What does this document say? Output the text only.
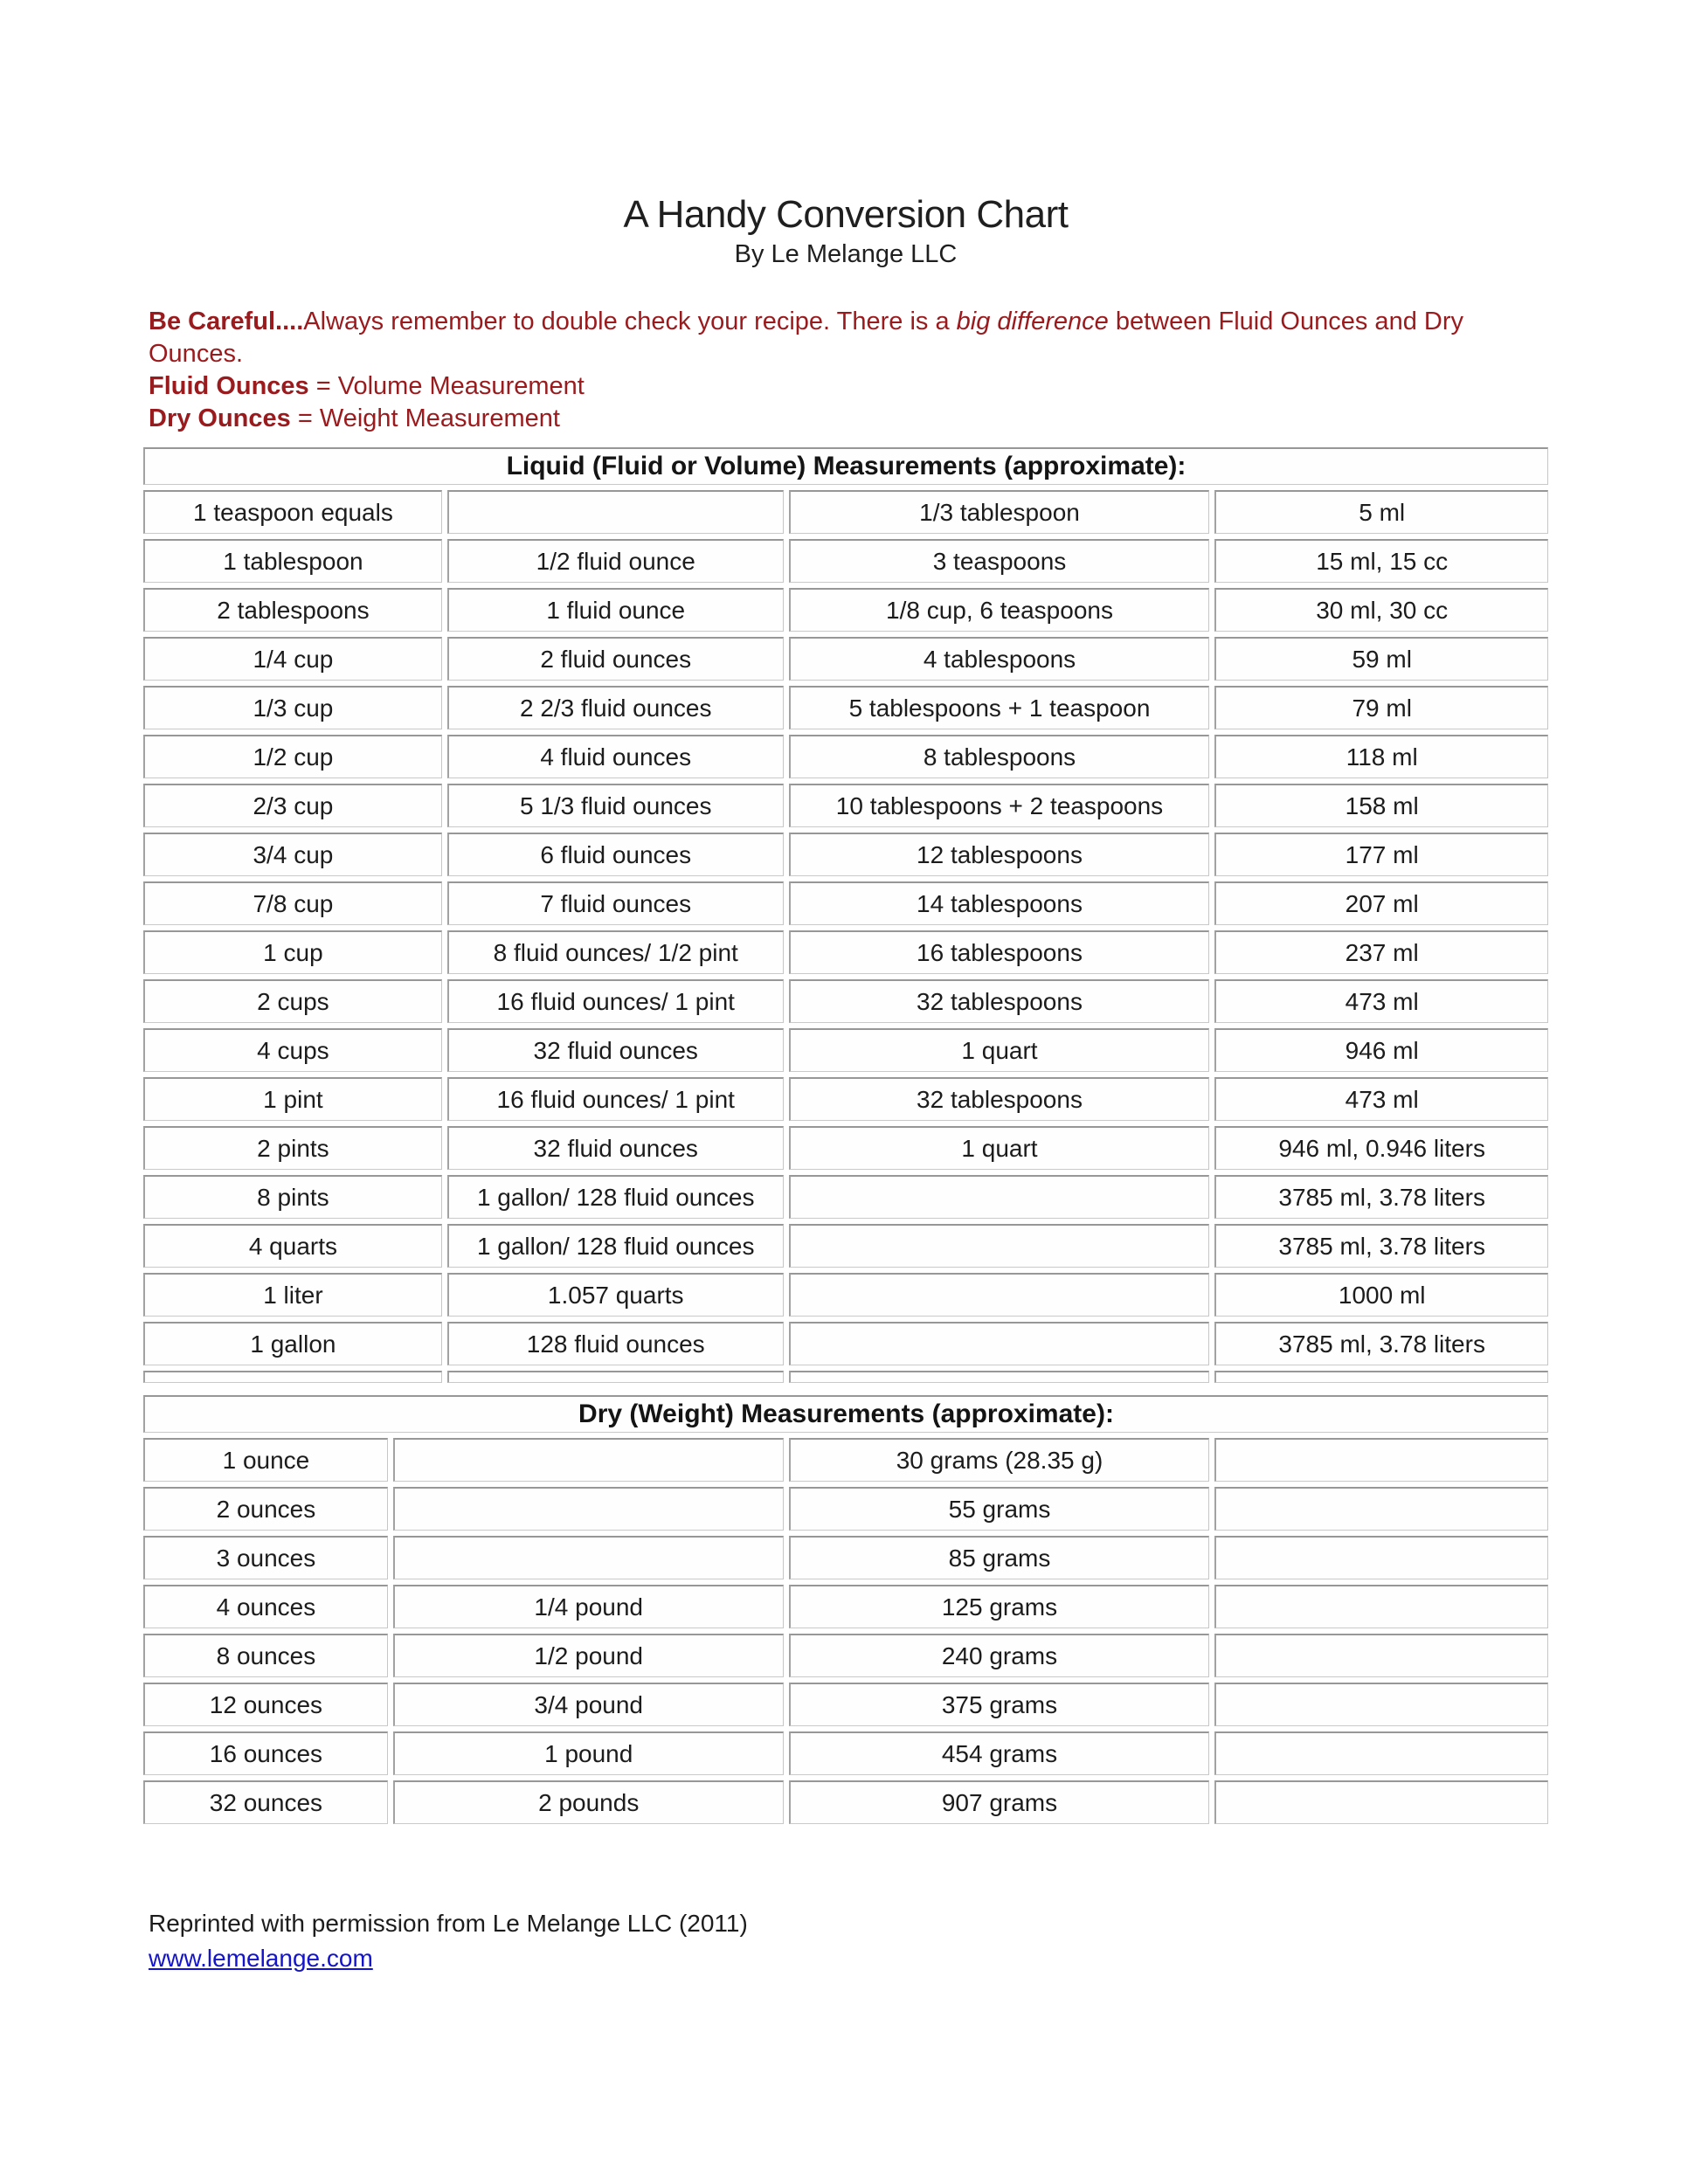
A Handy Conversion Chart
By Le Melange LLC

Be Careful....Always remember to double check your recipe. There is a big difference between Fluid Ounces and Dry Ounces.

Fluid Ounces = Volume Measurement

Dry Ounces = Weight Measurement

Liquid (Fluid or Volume) Measurements (approximate):			
1 teaspoon equals		1/3 tablespoon	5 ml
1 tablespoon	1/2 fluid ounce	3 teaspoons	15 ml, 15 cc
2 tablespoons	1 fluid ounce	1/8 cup, 6 teaspoons	30 ml, 30 cc
1/4 cup	2 fluid ounces	4 tablespoons	59 ml
1/3 cup	2 2/3 fluid ounces	5 tablespoons + 1 teaspoon	79 ml
1/2 cup	4 fluid ounces	8 tablespoons	118 ml
2/3 cup	5 1/3 fluid ounces	10 tablespoons + 2 teaspoons	158 ml
3/4 cup	6 fluid ounces	12 tablespoons	177 ml
7/8 cup	7 fluid ounces	14 tablespoons	207 ml
1 cup	8 fluid ounces/ 1/2 pint	16 tablespoons	237 ml
2 cups	16 fluid ounces/ 1 pint	32 tablespoons	473 ml
4 cups	32 fluid ounces	1 quart	946 ml
1 pint	16 fluid ounces/ 1 pint	32 tablespoons	473 ml
2 pints	32 fluid ounces	1 quart	946 ml, 0.946 liters
8 pints	1 gallon/ 128 fluid ounces		3785 ml, 3.78 liters
4 quarts	1 gallon/ 128 fluid ounces		3785 ml, 3.78 liters
1 liter	1.057 quarts		1000 ml
1 gallon	128 fluid ounces		3785 ml, 3.78 liters

Dry (Weight) Measurements (approximate):			
1 ounce		30 grams (28.35 g)	
2 ounces		55 grams	
3 ounces		85 grams	
4 ounces	1/4 pound	125 grams	
8 ounces	1/2 pound	240 grams	
12 ounces	3/4 pound	375 grams	
16 ounces	1 pound	454 grams	
32 ounces	2 pounds	907 grams	

Reprinted with permission from Le Melange LLC (2011)

www.lemelange.com
